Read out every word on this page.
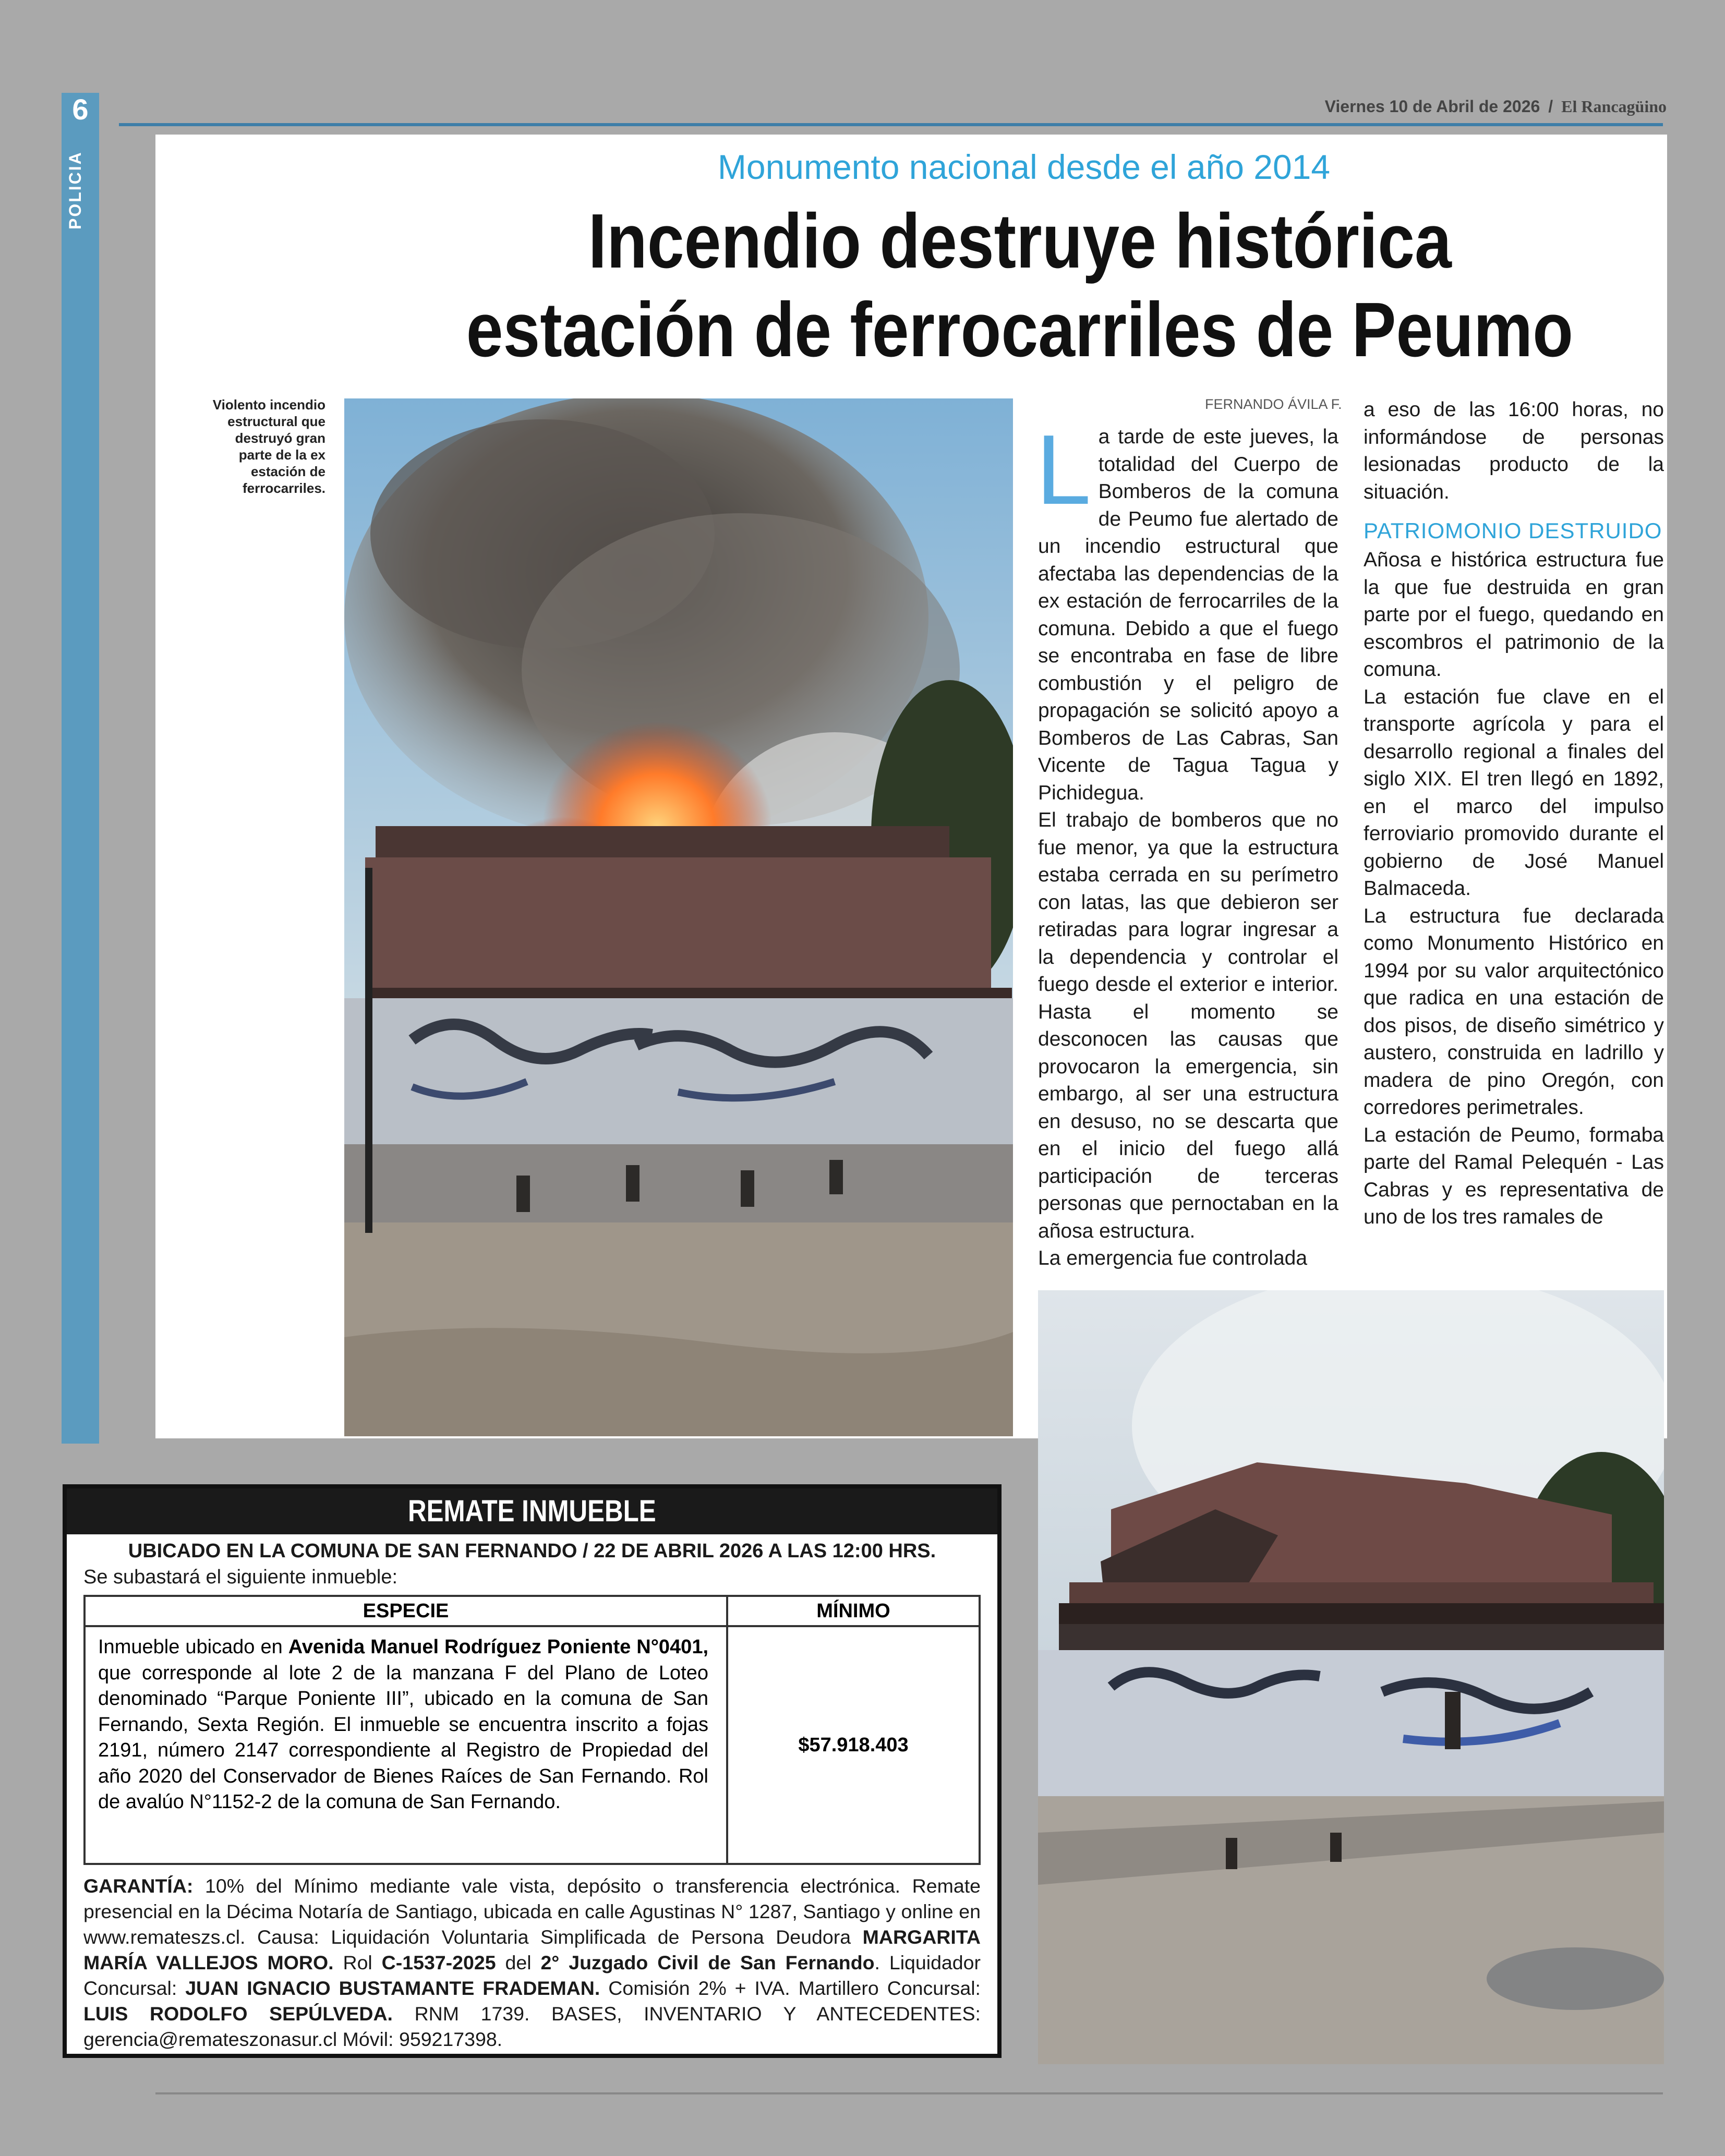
6
POLICIA
Viernes 10 de Abril de 2026 / El Rancagüino
Monumento nacional desde el año 2014
Incendio destruye histórica
estación de ferrocarriles de Peumo
Violento incendio estructural que destruyó gran parte de la ex estación de ferrocarriles.
FERNANDO ÁVILA F.

La tarde de este jueves, la totalidad del Cuerpo de Bomberos de la comuna de Peumo fue alertado de un incendio estructural que afectaba las dependencias de la ex estación de ferrocarriles de la comuna. Debido a que el fuego se encontraba en fase de libre combustión y el peligro de propagación se solicitó apoyo a Bomberos de Las Cabras, San Vicente de Tagua Tagua y Pichidegua.

El trabajo de bomberos que no fue menor, ya que la estructura estaba cerrada en su perímetro con latas, las que debieron ser retiradas para lograr ingresar a la dependencia y controlar el fuego desde el exterior e interior. Hasta el momento se desconocen las causas que provocaron la emergencia, sin embargo, al ser una estructura en desuso, no se descarta que en el inicio del fuego allá participación de terceras personas que pernoctaban en la añosa estructura.

La emergencia fue controlada

a eso de las 16:00 horas, no informándose de personas lesionadas producto de la situación.

PATRIOMONIO DESTRUIDO

Añosa e histórica estructura fue la que fue destruida en gran parte por el fuego, quedando en escombros el patrimonio de la comuna.

La estación fue clave en el transporte agrícola y para el desarrollo regional a finales del siglo XIX. El tren llegó en 1892, en el marco del impulso ferroviario promovido durante el gobierno de José Manuel Balmaceda.

La estructura fue declarada como Monumento Histórico en 1994 por su valor arquitectónico que radica en una estación de dos pisos, de diseño simétrico y austero, construida en ladrillo y madera de pino Oregón, con corredores perimetrales.

La estación de Peumo, formaba parte del Ramal Pelequén - Las Cabras y es representativa de uno de los tres ramales de

REMATE INMUEBLE
UBICADO EN LA COMUNA DE SAN FERNANDO / 22 DE ABRIL 2026 A LAS 12:00 HRS.
Se subastará el siguiente inmueble:
ESPECIE	MÍNIMO
Inmueble ubicado en Avenida Manuel Rodríguez Poniente N°0401, que corresponde al lote 2 de la manzana F del Plano de Loteo denominado “Parque Poniente III”, ubicado en la comuna de San Fernando, Sexta Región. El inmueble se encuentra inscrito a fojas 2191, número 2147 correspondiente al Registro de Propiedad del año 2020 del Conservador de Bienes Raíces de San Fernando. Rol de avalúo N°1152-2 de la comuna de San Fernando.
$57.918.403
GARANTÍA: 10% del Mínimo mediante vale vista, depósito o transferencia electrónica. Remate presencial en la Décima Notaría de Santiago, ubicada en calle Agustinas N° 1287, Santiago y online en www.remateszs.cl. Causa: Liquidación Voluntaria Simplificada de Persona Deudora MARGARITA MARÍA VALLEJOS MORO. Rol C-1537-2025 del 2° Juzgado Civil de San Fernando. Liquidador Concursal: JUAN IGNACIO BUSTAMANTE FRADEMAN. Comisión 2% + IVA. Martillero Concursal: LUIS RODOLFO SEPÚLVEDA. RNM 1739. BASES, INVENTARIO Y ANTECEDENTES: gerencia@remateszonasur.cl Móvil: 959217398.
